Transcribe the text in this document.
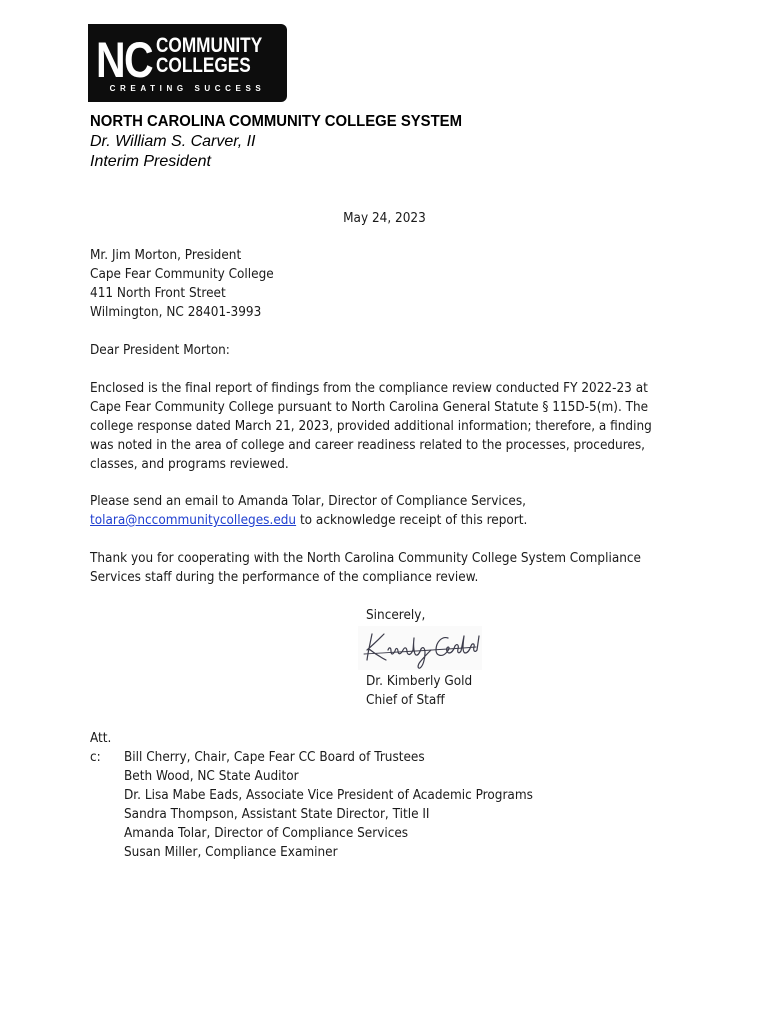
NC COMMUNITY
COLLEGES
CREATING SUCCESS
NORTH CAROLINA COMMUNITY COLLEGE SYSTEM
Dr. William S. Carver, II
Interim President
May 24, 2023
Mr. Jim Morton, President
Cape Fear Community College
411 North Front Street
Wilmington, NC 28401-3993
Dear President Morton:
Enclosed is the final report of findings from the compliance review conducted FY 2022-23 at
Cape Fear Community College pursuant to North Carolina General Statute § 115D-5(m). The
college response dated March 21, 2023, provided additional information; therefore, a finding
was noted in the area of college and career readiness related to the processes, procedures,
classes, and programs reviewed.
Please send an email to Amanda Tolar, Director of Compliance Services,
tolara@nccommunitycolleges.edu to acknowledge receipt of this report.
Thank you for cooperating with the North Carolina Community College System Compliance
Services staff during the performance of the compliance review.
Sincerely,
Dr. Kimberly Gold
Chief of Staff
Att.
c: Bill Cherry, Chair, Cape Fear CC Board of Trustees
Beth Wood, NC State Auditor
Dr. Lisa Mabe Eads, Associate Vice President of Academic Programs
Sandra Thompson, Assistant State Director, Title II
Amanda Tolar, Director of Compliance Services
Susan Miller, Compliance Examiner
